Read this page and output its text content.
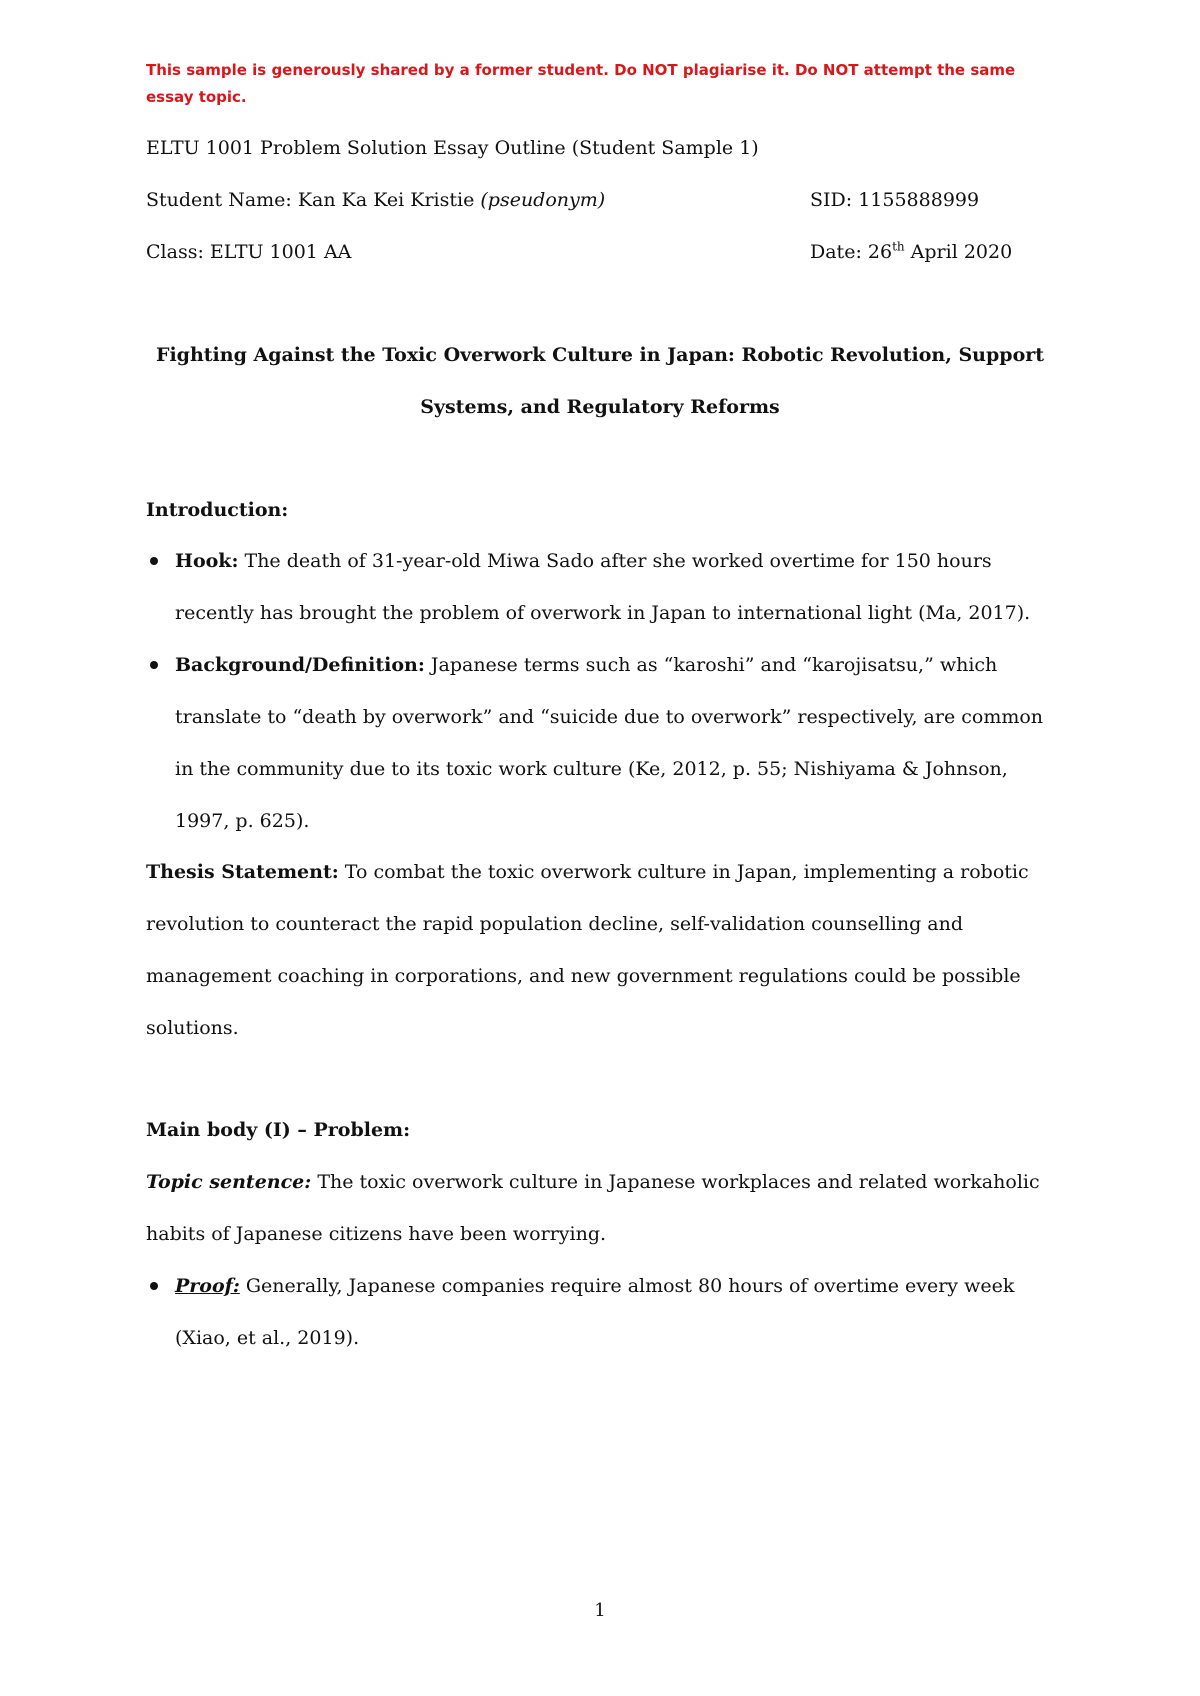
This sample is generously shared by a former student. Do NOT plagiarise it. Do NOT attempt the same essay topic.
ELTU 1001 Problem Solution Essay Outline (Student Sample 1)
Student Name: Kan Ka Kei Kristie (pseudonym)	SID: 1155888999
Class: ELTU 1001 AA	Date: 26th April 2020
Fighting Against the Toxic Overwork Culture in Japan: Robotic Revolution, Support
Systems, and Regulatory Reforms
Introduction:
Hook: The death of 31-year-old Miwa Sado after she worked overtime for 150 hours
recently has brought the problem of overwork in Japan to international light (Ma, 2017).
Background/Definition: Japanese terms such as “karoshi” and “karojisatsu,” which
translate to “death by overwork” and “suicide due to overwork” respectively, are common
in the community due to its toxic work culture (Ke, 2012, p. 55; Nishiyama & Johnson,
1997, p. 625).
Thesis Statement: To combat the toxic overwork culture in Japan, implementing a robotic
revolution to counteract the rapid population decline, self-validation counselling and
management coaching in corporations, and new government regulations could be possible
solutions.
Main body (I) – Problem:
Topic sentence: The toxic overwork culture in Japanese workplaces and related workaholic
habits of Japanese citizens have been worrying.
Proof: Generally, Japanese companies require almost 80 hours of overtime every week
(Xiao, et al., 2019).
1
